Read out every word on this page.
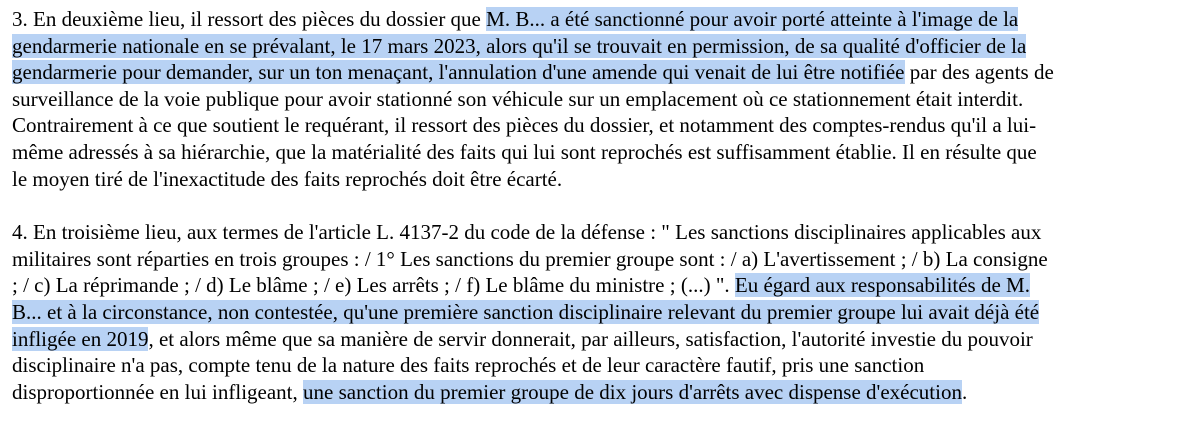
3. En deuxième lieu, il ressort des pièces du dossier que M. B... a été sanctionné pour avoir porté atteinte à l'image de la
gendarmerie nationale en se prévalant, le 17 mars 2023, alors qu'il se trouvait en permission, de sa qualité d'officier de la
gendarmerie pour demander, sur un ton menaçant, l'annulation d'une amende qui venait de lui être notifiée par des agents de
surveillance de la voie publique pour avoir stationné son véhicule sur un emplacement où ce stationnement était interdit.
Contrairement à ce que soutient le requérant, il ressort des pièces du dossier, et notamment des comptes-rendus qu'il a lui-
même adressés à sa hiérarchie, que la matérialité des faits qui lui sont reprochés est suffisamment établie. Il en résulte que
le moyen tiré de l'inexactitude des faits reprochés doit être écarté.
4. En troisième lieu, aux termes de l'article L. 4137-2 du code de la défense : " Les sanctions disciplinaires applicables aux
militaires sont réparties en trois groupes : / 1° Les sanctions du premier groupe sont : / a) L'avertissement ; / b) La consigne
; / c) La réprimande ; / d) Le blâme ; / e) Les arrêts ; / f) Le blâme du ministre ; (...) ". Eu égard aux responsabilités de M.
B... et à la circonstance, non contestée, qu'une première sanction disciplinaire relevant du premier groupe lui avait déjà été
infligée en 2019, et alors même que sa manière de servir donnerait, par ailleurs, satisfaction, l'autorité investie du pouvoir
disciplinaire n'a pas, compte tenu de la nature des faits reprochés et de leur caractère fautif, pris une sanction
disproportionnée en lui infligeant, une sanction du premier groupe de dix jours d'arrêts avec dispense d'exécution.
